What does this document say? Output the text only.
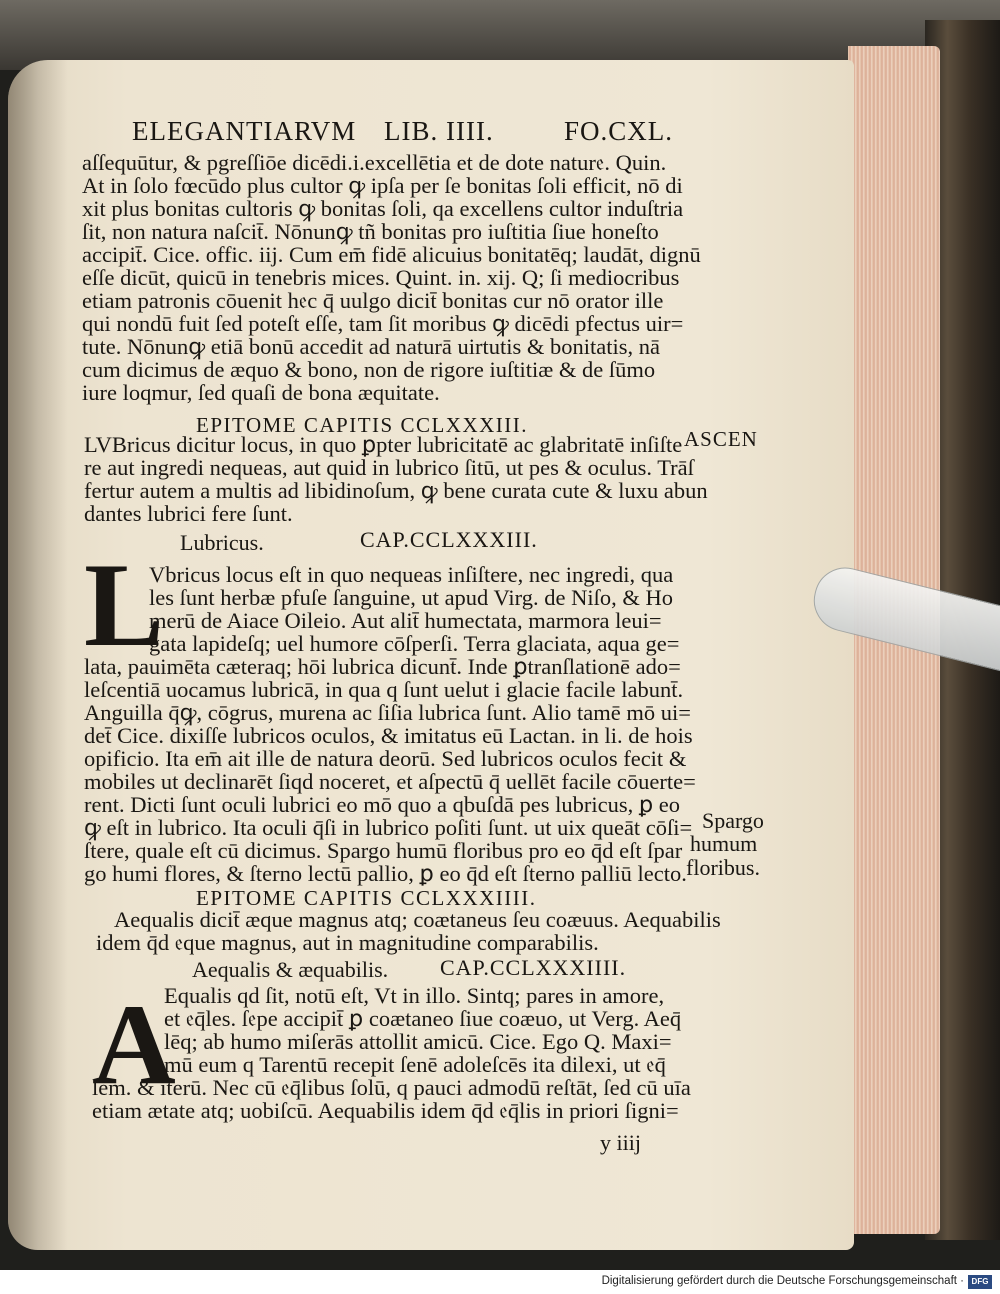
ELEGANTIARVM LIB. IIII.	FO.CXL.
aſſequūtur, & pgreſſiōe dicēdi.i.excellētia et de dote natur𝔢. Quin.
At in ſolo fœcūdo plus cultor ꝙ ipſa per ſe bonitas ſoli efficit, nō di
xit plus bonitas cultoris ꝙ bonitas ſoli, qa excellens cultor induſtria
ſit, non natura naſcit̄. Nōnunꝙ tñ bonitas pro iuſtitia ſiue honeſto
accipit̄. Cice. offic. iij. Cum em̄ fidē alicuius bonitatēq; laudāt, dignū
eſſe dicūt, quicū in tenebris mices. Quint. in. xij. Q; ſi mediocribus
etiam patronis cōuenit h𝔢c q̄ uulgo dicit̄ bonitas cur nō orator ille
qui nondū fuit ſed poteſt eſſe, tam ſit moribus ꝙ dicēdi pfectus uir=
tute. Nōnunꝙ etiā bonū accedit ad naturā uirtutis & bonitatis, nā
cum dicimus de æquo & bono, non de rigore iuſtitiæ & de ſūmo
iure loqmur, ſed quaſi de bona æquitate.
EPITOME CAPITIS CCLXXXIII.
ASCEN
LVBricus dicitur locus, in quo ꝑpter lubricitatē ac glabritatē inſiſte
re aut ingredi nequeas, aut quid in lubrico ſitū, ut pes & oculus. Trāſ
fertur autem a multis ad libidinoſum, ꝙ bene curata cute & luxu abun
dantes lubrici fere ſunt.
Lubricus.	CAP.CCLXXXIII.
L
Vbricus locus eſt in quo nequeas inſiſtere, nec ingredi, qua
les ſunt herbæ pfuſe ſanguine, ut apud Virg. de Niſo, & Ho
merū de Aiace Oileio. Aut alit̄ humectata, marmora leui=
gata lapideſq; uel humore cōſperſi. Terra glaciata, aqua ge=
lata, pauimēta cæteraq; hōi lubrica dicunt̄. Inde ꝑtranſlationē ado=
leſcentiā uocamus lubricā, in qua q ſunt uelut i glacie facile labunt̄.
Anguilla q̄ꝙ, cōgrus, murena ac ſiſia lubrica ſunt. Alio tamē mō ui=
det̄ Cice. dixiſſe lubricos oculos, & imitatus eū Lactan. in li. de hois
opificio. Ita em̄ ait ille de natura deorū. Sed lubricos oculos fecit &
mobiles ut declinarēt ſiqd noceret, et aſpectū q̄ uellēt facile cōuerte=
rent. Dicti ſunt oculi lubrici eo mō quo a qbuſdā pes lubricus, ꝑ eo
ꝙ eſt in lubrico. Ita oculi q̄ſi in lubrico poſiti ſunt. ut uix queāt cōſi=
ſtere, quale eſt cū dicimus. Spargo humū floribus pro eo q̄d eſt ſpar
go humi flores, & ſterno lectū pallio, ꝑ eo q̄d eſt ſterno palliū lecto.
Spargo
humum
floribus.
EPITOME CAPITIS CCLXXXIIII.
Aequalis dicit̄ æque magnus atq; coætaneus ſeu coæuus. Aequabilis
idem q̄d 𝔢que magnus, aut in magnitudine comparabilis.
Aequalis & æquabilis. CAP.CCLXXXIIII.
A
Equalis qd ſit, notū eſt, Vt in illo. Sintq; pares in amore,
et 𝔢q̄les. ſ𝔢pe accipit̄ ꝑ coætaneo ſiue coæuo, ut Verg. Aeq̄
lēq; ab humo miſerās attollit amicū. Cice. Ego Q. Maxi=
mū eum q Tarentū recepit ſenē adoleſcēs ita dilexi, ut 𝔢q̄
lem. & iterū. Nec cū 𝔢q̄libus ſolū, q pauci admodū reſtāt, ſed cū uīa
etiam ætate atq; uobiſcū. Aequabilis idem q̄d 𝔢q̄lis in priori ſigni=
y iiij
Digitalisierung gefördert durch die Deutsche Forschungsgemeinschaft · DFG
